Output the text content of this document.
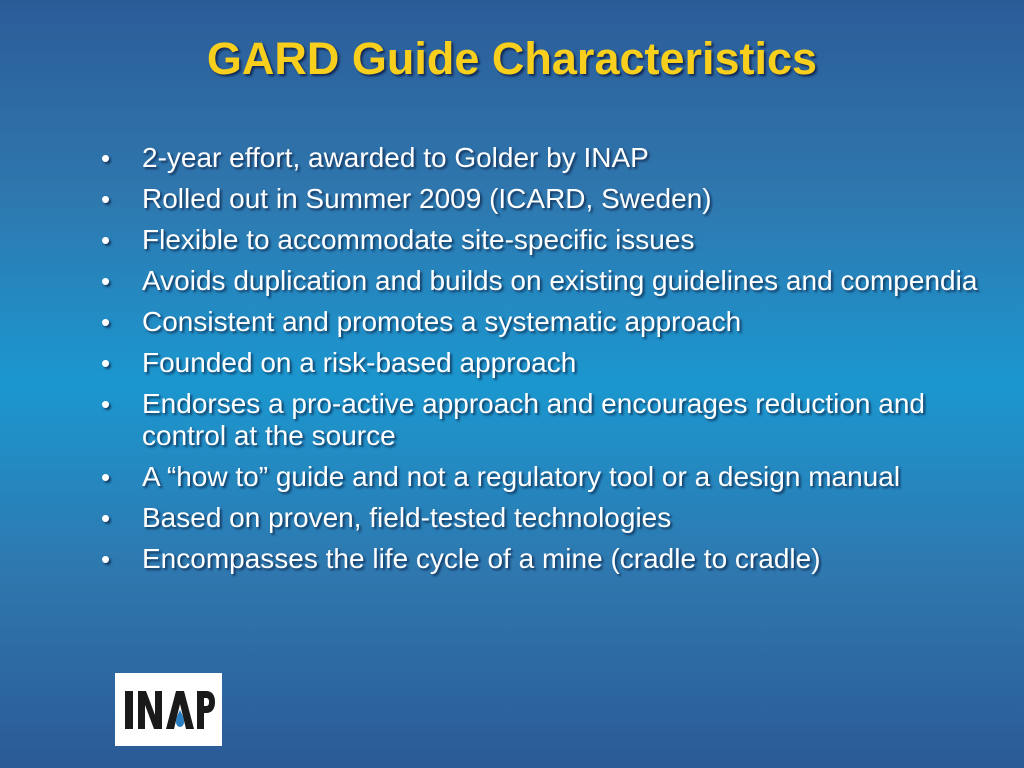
GARD Guide Characteristics
•	2-year effort, awarded to Golder by INAP
•	Rolled out in Summer 2009 (ICARD, Sweden)
•	Flexible to accommodate site-specific issues
•	Avoids duplication and builds on existing guidelines and compendia
•	Consistent and promotes a systematic approach
•	Founded on a risk-based approach
•	Endorses a pro-active approach and encourages reduction and control at the source
•	A “how to” guide and not a regulatory tool or a design manual
•	Based on proven, field-tested technologies
•	Encompasses the life cycle of a mine (cradle to cradle)
